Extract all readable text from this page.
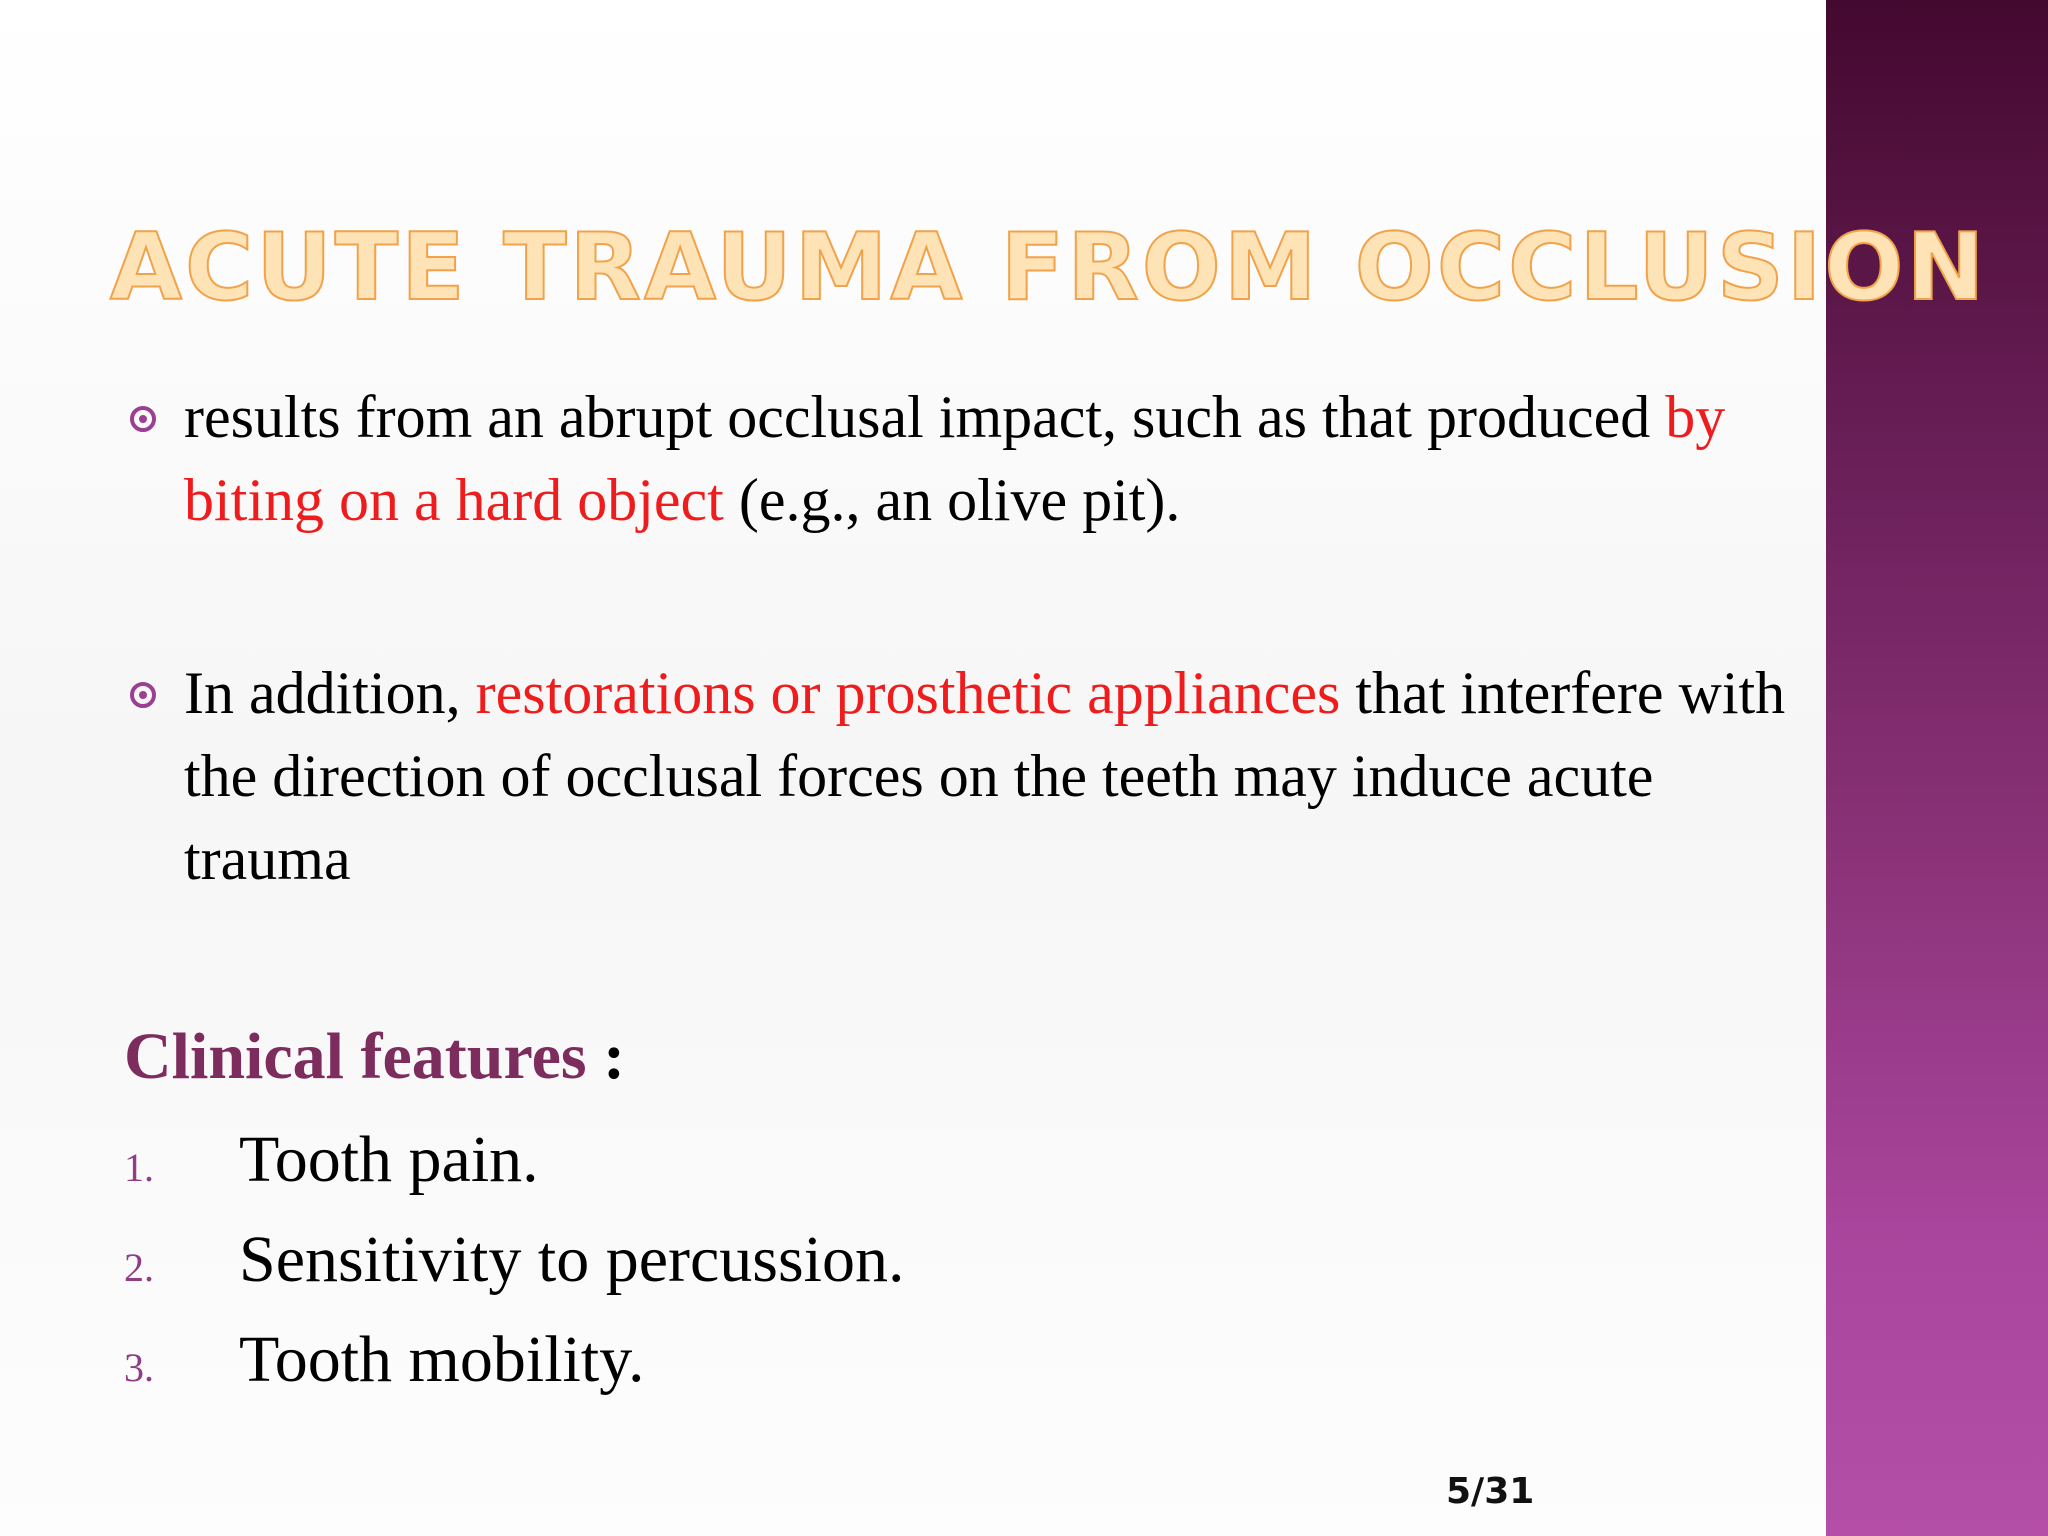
ACUTE TRAUMA FROM OCCLUSION
results from an abrupt occlusal impact, such as that produced by biting on a hard object (e.g., an olive pit).
In addition, restorations or prosthetic appliances that interfere with the direction of occlusal forces on the teeth may induce acute trauma
Clinical features :
1. Tooth pain.
2. Sensitivity to percussion.
3. Tooth mobility.
5/31
